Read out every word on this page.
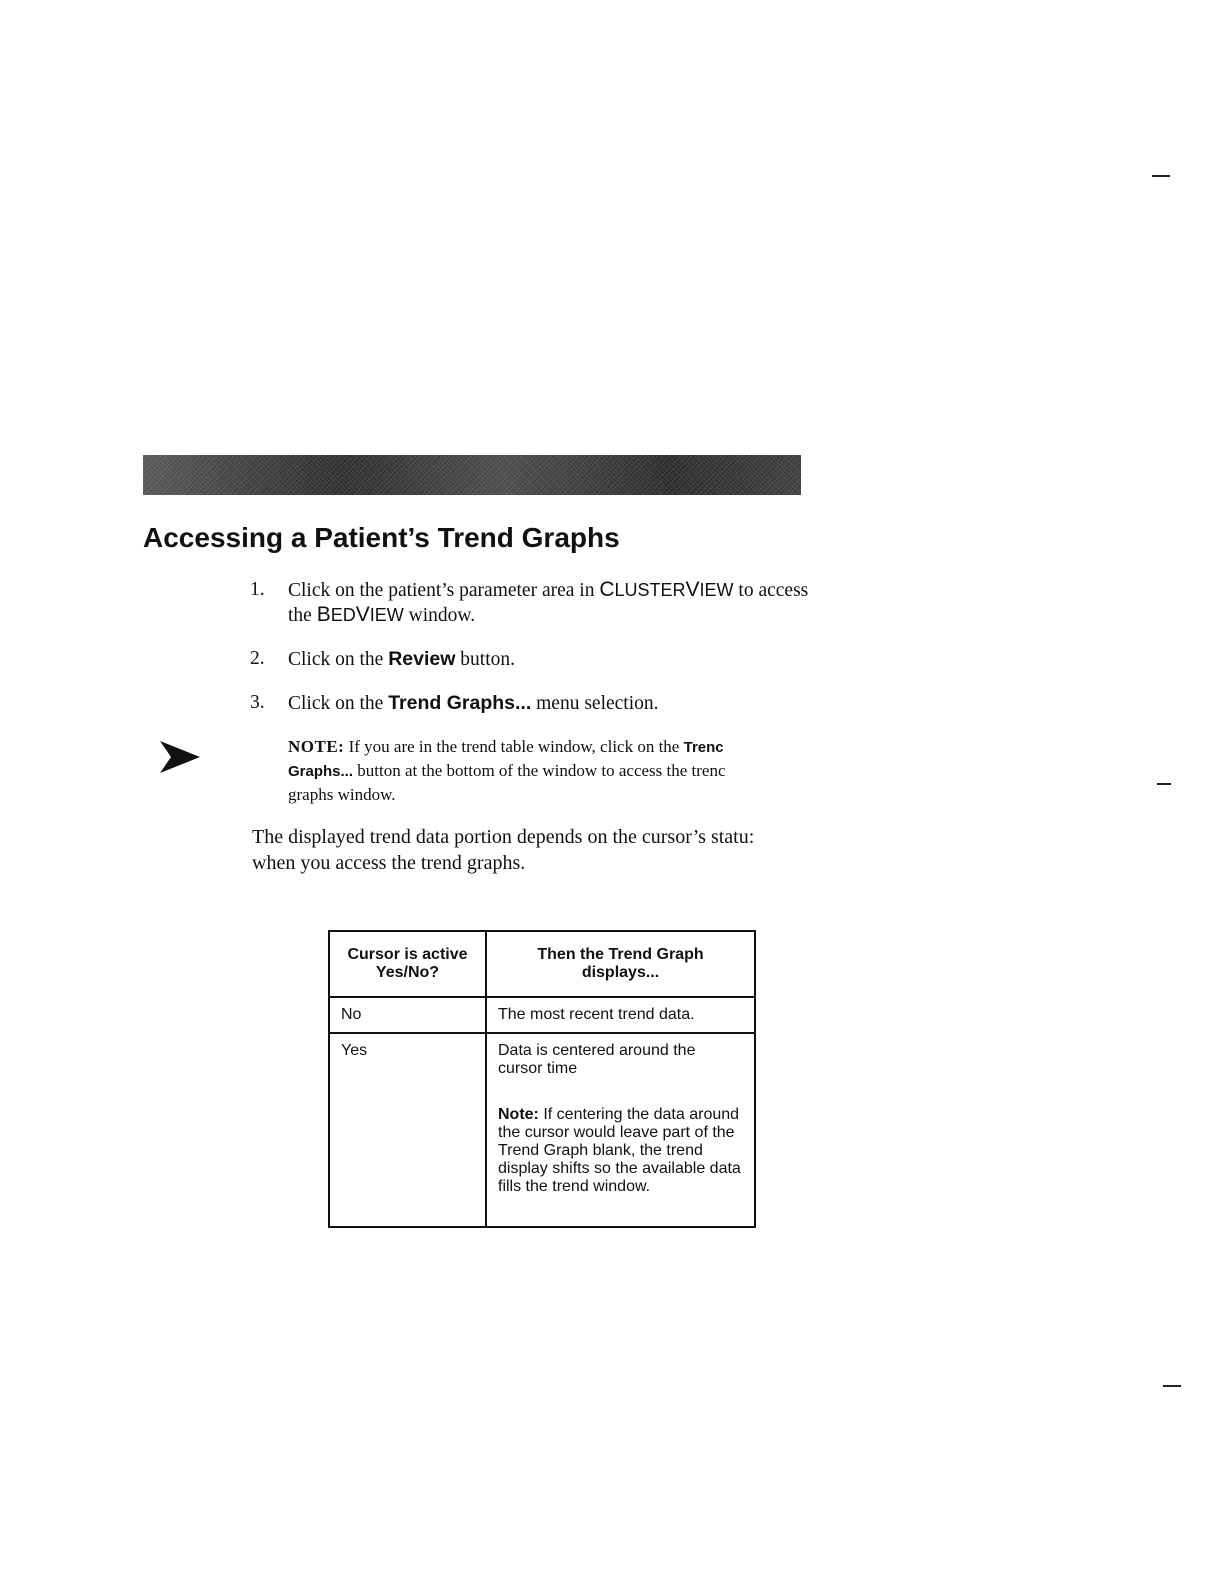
Accessing a Patient’s Trend Graphs
1.	Click on the patient’s parameter area in CLUSTERVIEW to access the BEDVIEW window.
2.	Click on the Review button.
3.	Click on the Trend Graphs... menu selection.

NOTE: If you are in the trend table window, click on the Trenc
Graphs... button at the bottom of the window to access the trenc
graphs window.

The displayed trend data portion depends on the cursor’s statu:
when you access the trend graphs.

Cursor is active Yes/No?	Then the Trend Graph displays...
No	The most recent trend data.
Yes	Data is centered around the cursor time
Note: If centering the data around the cursor would leave part of the Trend Graph blank, the trend display shifts so the available data fills the trend window.
